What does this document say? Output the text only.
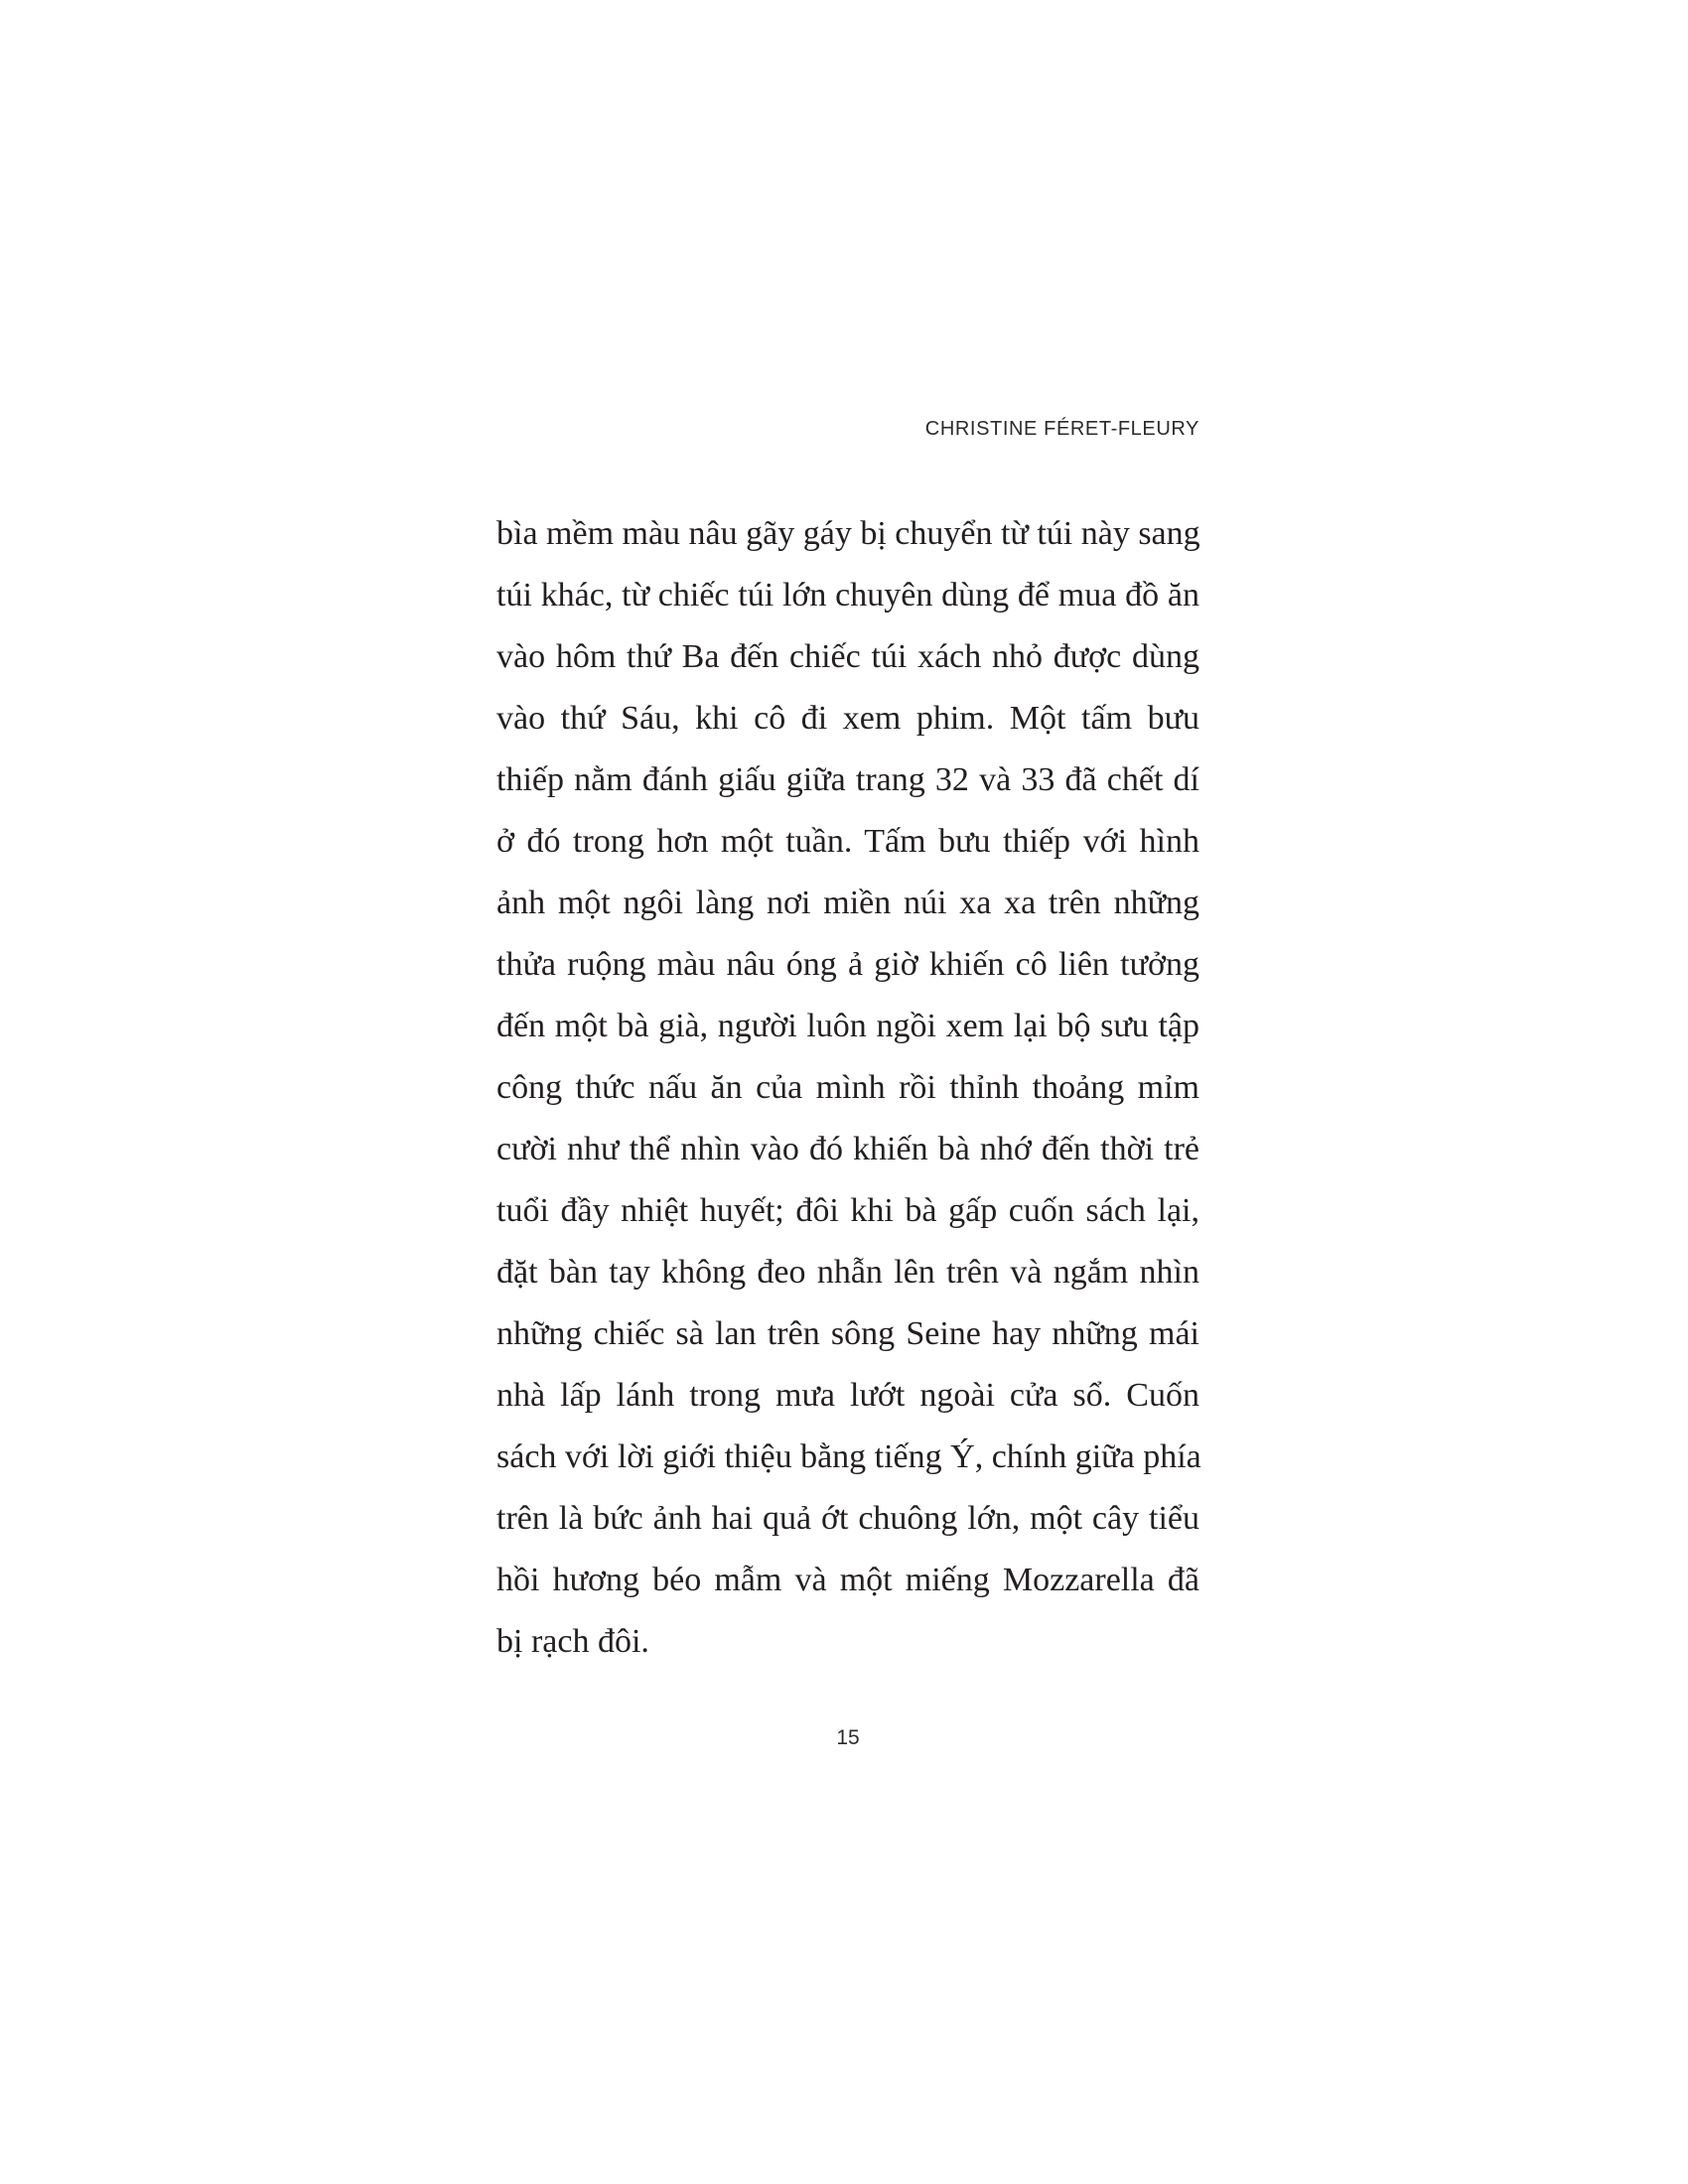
CHRISTINE FÉRET-FLEURY
bìa mềm màu nâu gãy gáy bị chuyển từ túi này sang
túi khác, từ chiếc túi lớn chuyên dùng để mua đồ ăn
vào hôm thứ Ba đến chiếc túi xách nhỏ được dùng
vào thứ Sáu, khi cô đi xem phim. Một tấm bưu
thiếp nằm đánh giấu giữa trang 32 và 33 đã chết dí
ở đó trong hơn một tuần. Tấm bưu thiếp với hình
ảnh một ngôi làng nơi miền núi xa xa trên những
thửa ruộng màu nâu óng ả giờ khiến cô liên tưởng
đến một bà già, người luôn ngồi xem lại bộ sưu tập
công thức nấu ăn của mình rồi thỉnh thoảng mỉm
cười như thể nhìn vào đó khiến bà nhớ đến thời trẻ
tuổi đầy nhiệt huyết; đôi khi bà gấp cuốn sách lại,
đặt bàn tay không đeo nhẫn lên trên và ngắm nhìn
những chiếc sà lan trên sông Seine hay những mái
nhà lấp lánh trong mưa lướt ngoài cửa sổ. Cuốn
sách với lời giới thiệu bằng tiếng Ý, chính giữa phía
trên là bức ảnh hai quả ớt chuông lớn, một cây tiểu
hồi hương béo mẫm và một miếng Mozzarella đã
bị rạch đôi.
15
